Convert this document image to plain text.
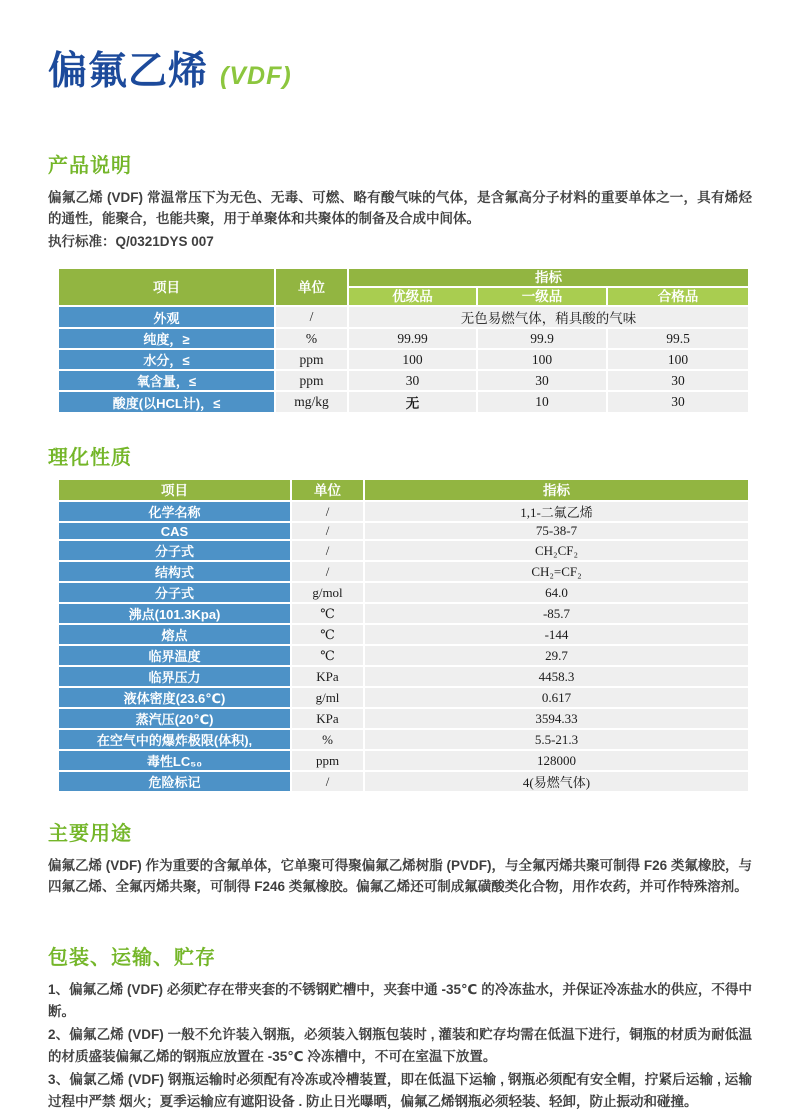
偏氟乙烯 (VDF)
产品说明

偏氟乙烯 (VDF) 常温常压下为无色、无毒、可燃、略有酸气味的气体，是含氟高分子材料的重要单体之一，具有烯烃的通性，能聚合，也能共聚，用于单聚体和共聚体的制备及合成中间体。

执行标准：Q/0321DYS 007

项目	单位	指标		
		优级品	一级品	合格品
外观	/	无色易燃气体，稍具酸的气味		
纯度，≥	%	99.99	99.9	99.5
水分，≤	ppm	100	100	100
氧含量，≤	ppm	30	30	30
酸度(以HCL计)，≤	mg/kg	无	10	30
理化性质
项目	单位	指标
化学名称	/	1,1-二氟乙烯
CAS	/	75-38-7
分子式	/	CH₂CF₂
结构式	/	CH₂=CF₂
分子式	g/mol	64.0
沸点(101.3Kpa)	℃	-85.7
熔点	℃	-144
临界温度	℃	29.7
临界压力	KPa	4458.3
液体密度(23.6℃)	g/ml	0.617
蒸汽压(20℃)	KPa	3594.33
在空气中的爆炸极限(体积),	%	5.5-21.3
毒性LC₅₀	ppm	128000
危险标记	/	4(易燃气体)
主要用途

偏氟乙烯 (VDF) 作为重要的含氟单体，它单聚可得聚偏氟乙烯树脂 (PVDF)，与全氟丙烯共聚可制得 F26 类氟橡胶，与四氟乙烯、全氟丙烯共聚，可制得 F246 类氟橡胶。偏氟乙烯还可制成氟磺酸类化合物，用作农药，并可作特殊溶剂。

包装、运输、贮存

1、偏氟乙烯 (VDF) 必须贮存在带夹套的不锈钢贮槽中，夹套中通 -35℃ 的冷冻盐水，并保证冷冻盐水的供应，不得中断。

2、偏氟乙烯 (VDF) 一般不允许装入钢瓶，必须装入钢瓶包装时 , 灌装和贮存均需在低温下进行，铜瓶的材质为耐低温的材质盛装偏氟乙烯的钢瓶应放置在 -35℃ 冷冻槽中，不可在室温下放置。

3、偏氯乙烯 (VDF) 钢瓶运输时必须配有冷冻或冷槽装置，即在低温下运输 , 钢瓶必须配有安全帽，拧紧后运输 , 运输过程中严禁 烟火；夏季运输应有遮阳设备 . 防止日光曝晒，偏氟乙烯钢瓶必须轻装、轻卸，防止振动和碰撞。
